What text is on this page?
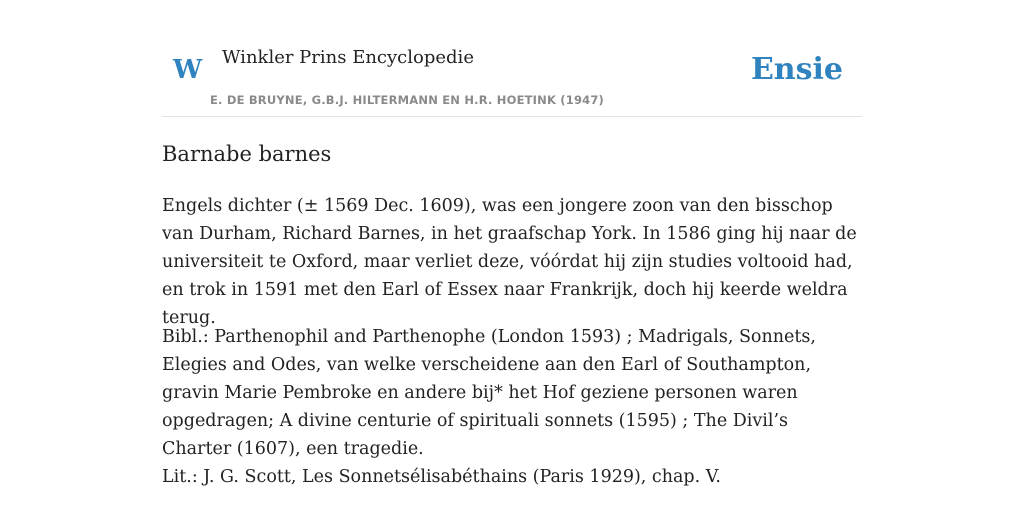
W Winkler Prins Encyclopedie
E. DE BRUYNE, G.B.J. HILTERMANN EN H.R. HOETINK (1947)
Ensie
Barnabe barnes

Engels dichter (± 1569 Dec. 1609), was een jongere zoon van den bisschop van Durham, Richard Barnes, in het graafschap York. In 1586 ging hij naar de universiteit te Oxford, maar verliet deze, vóórdat hij zijn studies voltooid had, en trok in 1591 met den Earl of Essex naar Frankrijk, doch hij keerde weldra terug.

Bibl.: Parthenophil and Parthenophe (London 1593) ; Madrigals, Sonnets, Elegies and Odes, van welke verscheidene aan den Earl of Southampton, gravin Marie Pembroke en andere bij* het Hof geziene personen waren opgedragen; A divine centurie of spirituali sonnets (1595) ; The Divil’s Charter (1607), een tragedie.

Lit.: J. G. Scott, Les Sonnetsélisabéthains (Paris 1929), chap. V.
